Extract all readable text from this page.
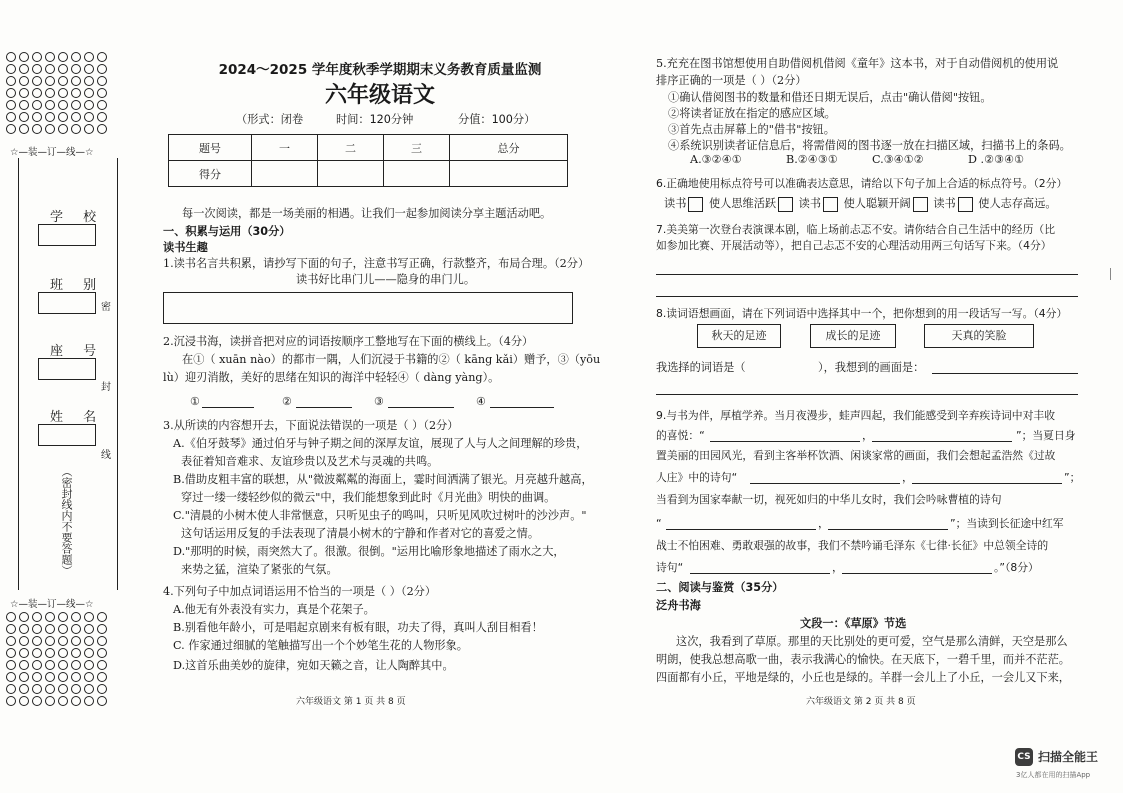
☆—装—订—线—☆
☆—装—订—线—☆
学 校
班 别
座 号
姓 名
密
封
线
（密封线内不要答题）
2024～2025 学年度秋季学期期末义务教育质量监测
六年级语文
（形式：闭卷	时间：120分钟	分值：100分）
题号	一	二	三	总分
得分				
每一次阅读，都是一场美丽的相遇。让我们一起参加阅读分享主题活动吧。
一、积累与运用（30分）
读书生趣
1.读书名言共积累，请抄写下面的句子，注意书写正确，行款整齐，布局合理。（2分）
读书好比串门儿——隐身的串门儿。
2.沉浸书海，读拼音把对应的词语按顺序工整地写在下面的横线上。（4分）
在①（ xuān nào）的都市一隅，人们沉浸于书籍的②（ kāng kǎi）赠予，③（yōu
lù）迎刃消散，美好的思绪在知识的海洋中轻轻④（ dàng yàng）。
①	②	③	④
3.从所读的内容想开去，下面说法错误的一项是（ ）（2分）
A.《伯牙鼓琴》通过伯牙与钟子期之间的深厚友谊，展现了人与人之间理解的珍贵，
表征着知音难求、友谊珍贵以及艺术与灵魂的共鸣。
B.借助皮粗丰富的联想，从"微波粼粼的海面上，霎时间洒满了银光。月亮越升越高，
穿过一缕一缕轻纱似的微云"中，我们能想象到此时《月光曲》明快的曲调。
C."清晨的小树木使人非常惬意，只听见虫子的鸣叫，只听见风吹过树叶的沙沙声。"
这句话运用反复的手法表现了清晨小树木的宁静和作者对它的喜爱之情。
D."那明的时候，雨突然大了。很激。很倒。"运用比喻形象地描述了雨水之大，
来势之猛，渲染了紧张的气氛。
4.下列句子中加点词语运用不恰当的一项是（ ）（2分）
A.他无有外表没有实力，真是个花架子。
B.别看他年龄小，可是唱起京剧来有板有眼，功夫了得，真叫人刮目相看！
C. 作家通过细腻的笔触描写出一个个妙笔生花的人物形象。
D.这首乐曲美妙的旋律，宛如天籁之音，让人陶醉其中。
六年级语文 第 1 页 共 8 页
5.充充在图书馆想使用自助借阅机借阅《童年》这本书，对于自动借阅机的使用说
排序正确的一项是（ ）（2分）
①确认借阅图书的数量和借还日期无误后，点击"确认借阅"按钮。
②将读者证放在指定的感应区域。
③首先点击屏幕上的"借书"按钮。
④系统识别读者证信息后，将需借阅的图书逐一放在扫描区域，扫描书上的条码。
A.③②④①	B.②④③①	C.③④①②	D .②③④①
6.正确地使用标点符号可以准确表达意思，请给以下句子加上合适的标点符号。（2分）
读书 使人思维活跃 读书 使人聪颖开阔 读书 使人志存高远。
7.美美第一次登台表演课本剧，临上场前忐忑不安。请你结合自己生活中的经历（比
如参加比赛、开展活动等），把自己忐忑不安的心理活动用两三句话写下来。（4分）
8.读词语想画面，请在下列词语中选择其中一个，把你想到的用一段话写一写。（4分）
秋天的足迹	成长的足迹	天真的笑脸
我选择的词语是（	），我想到的画面是：
9.与书为伴，厚植学养。当月夜漫步，蛙声四起，我们能感受到辛弃疾诗词中对丰收
的喜悦：“	，	”；当夏日身
置美丽的田园风光，看到主客举杯饮酒、闲谈家常的画面，我们会想起孟浩然《过故
人庄》中的诗句“	，	”；
当看到为国家奉献一切，视死如归的中华儿女时，我们会吟咏曹植的诗句
“	，	”；当读到长征途中红军
战士不怕困难、勇敢艰强的故事，我们不禁吟诵毛泽东《七律·长征》中总领全诗的
诗句“	，	。”（8分）
二、阅读与鉴赏（35分）
泛舟书海
文段一：《草原》节选
这次，我看到了草原。那里的天比别处的更可爱，空气是那么清鲜，天空是那么
明朗，使我总想高歌一曲，表示我满心的愉快。在天底下，一碧千里，而并不茫茫。
四面都有小丘，平地是绿的，小丘也是绿的。羊群一会儿上了小丘，一会儿又下来，
六年级语文 第 2 页 共 8 页
CS 扫描全能王
3亿人都在用的扫描App
